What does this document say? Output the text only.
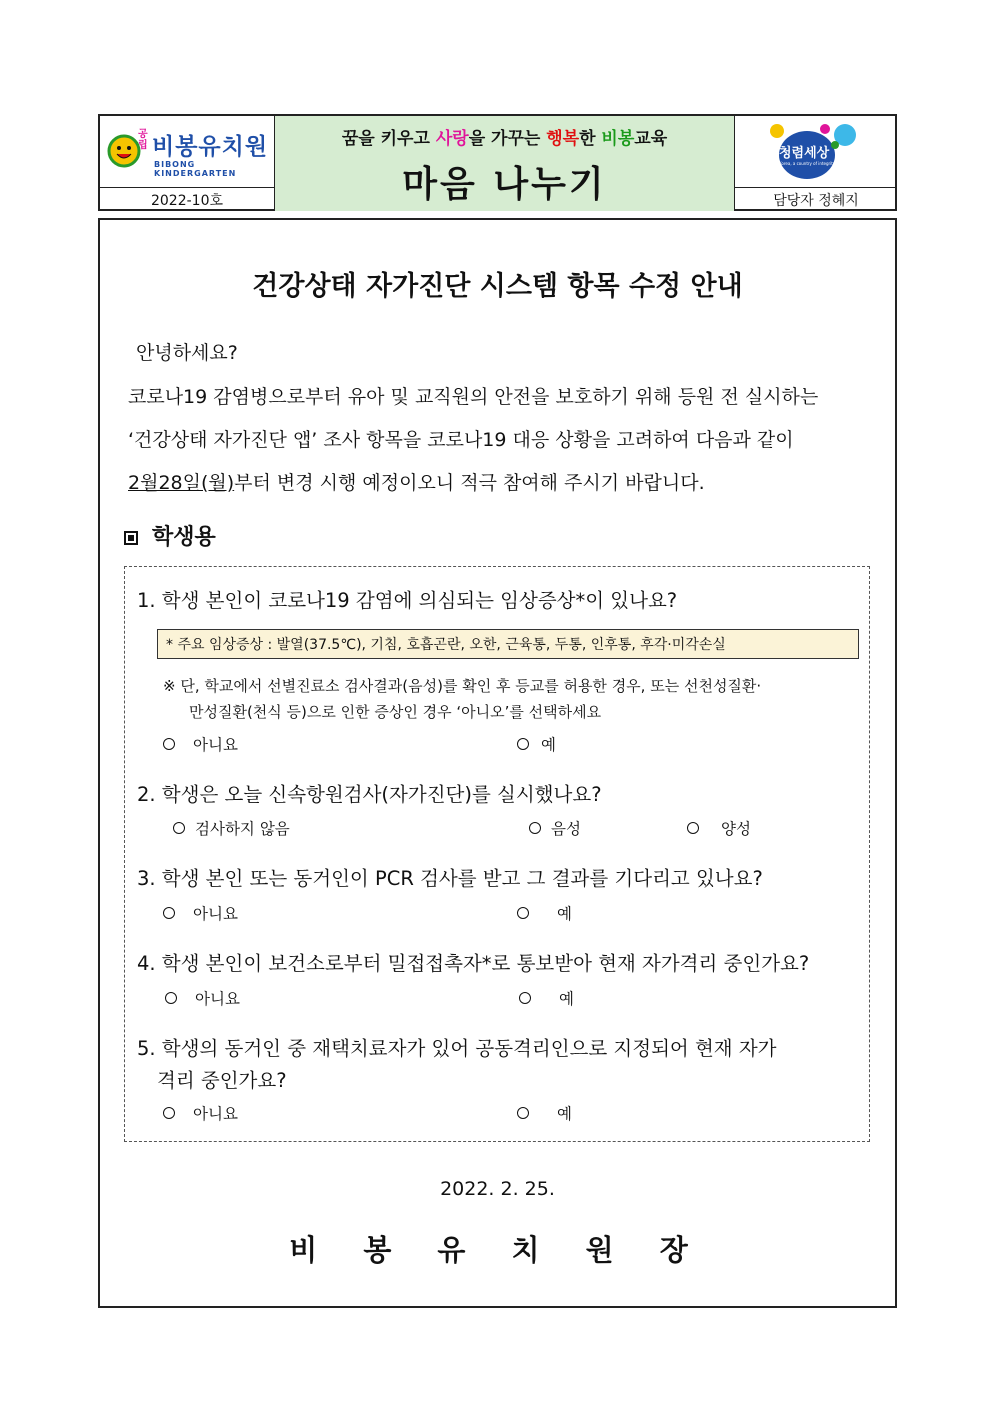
공립 비봉유치원
BIBONG KINDERGARTEN
2022-10호
꿈을 키우고 사랑을 가꾸는 행복한 비봉교육
마음 나누기
청렴세상
Korea, a country of integrity
담당자 정혜지
건강상태 자가진단 시스템 항목 수정 안내
안녕하세요?
코로나19 감염병으로부터 유아 및 교직원의 안전을 보호하기 위해 등원 전 실시하는
‘건강상태 자가진단 앱’ 조사 항목을 코로나19 대응 상황을 고려하여 다음과 같이
2월28일(월)부터 변경 시행 예정이오니 적극 참여해 주시기 바랍니다.
학생용
1. 학생 본인이 코로나19 감염에 의심되는 임상증상*이 있나요?
* 주요 임상증상 : 발열(37.5℃), 기침, 호흡곤란, 오한, 근육통, 두통, 인후통, 후각·미각손실
※ 단, 학교에서 선별진료소 검사결과(음성)를 확인 후 등교를 허용한 경우, 또는 선천성질환·
만성질환(천식 등)으로 인한 증상인 경우 ‘아니오’를 선택하세요
아니요	예
2. 학생은 오늘 신속항원검사(자가진단)를 실시했나요?
검사하지 않음	음성	양성
3. 학생 본인 또는 동거인이 PCR 검사를 받고 그 결과를 기다리고 있나요?
아니요	예
4. 학생 본인이 보건소로부터 밀접접촉자*로 통보받아 현재 자가격리 중인가요?
아니요	예
5. 학생의 동거인 중 재택치료자가 있어 공동격리인으로 지정되어 현재 자가
격리 중인가요?
아니요	예
2022. 2. 25.
비 봉 유 치 원 장
